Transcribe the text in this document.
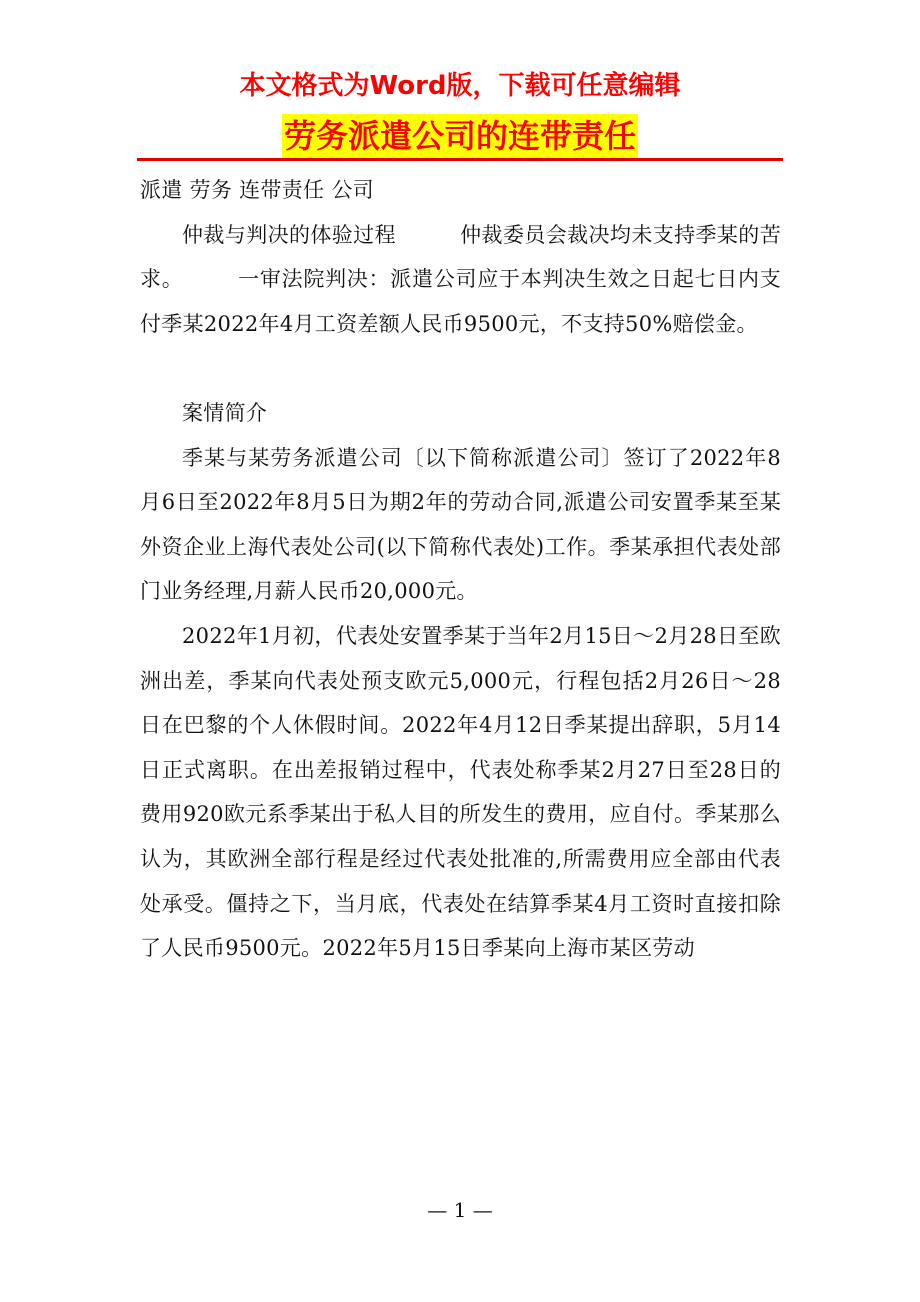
本文格式为Word版，下载可任意编辑
劳务派遣公司的连带责任

派遣 劳务 连带责任 公司

仲裁与判决的体验过程　　　仲裁委员会裁决均未支持季某的苦求。　　　一审法院判决：派遣公司应于本判决生效之日起七日内支付季某2022年4月工资差额人民币9500元，不支持50%赔偿金。

案情简介

季某与某劳务派遣公司〔以下简称派遣公司〕签订了2022年8月6日至2022年8月5日为期2年的劳动合同,派遣公司安置季某至某外资企业上海代表处公司(以下简称代表处)工作。季某承担代表处部门业务经理,月薪人民币20,000元。

2022年1月初，代表处安置季某于当年2月15日～2月28日至欧洲出差，季某向代表处预支欧元5,000元，行程包括2月26日～28日在巴黎的个人休假时间。2022年4月12日季某提出辞职，5月14日正式离职。在出差报销过程中，代表处称季某2月27日至28日的费用920欧元系季某出于私人目的所发生的费用，应自付。季某那么认为，其欧洲全部行程是经过代表处批准的,所需费用应全部由代表处承受。僵持之下，当月底，代表处在结算季某4月工资时直接扣除了人民币9500元。2022年5月15日季某向上海市某区劳动

— 1 —
